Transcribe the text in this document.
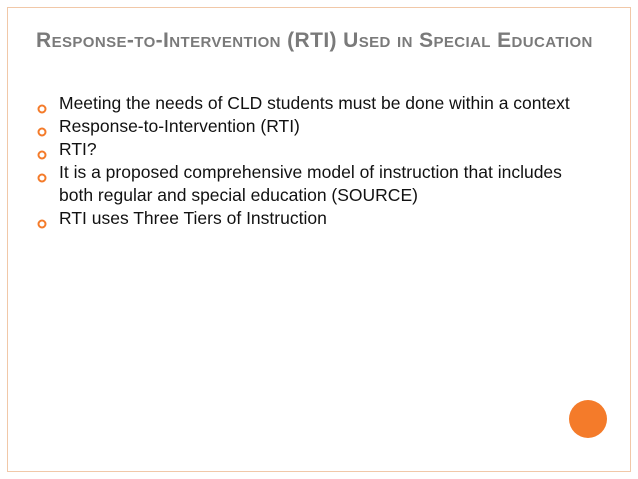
Response-to-Intervention (RTI) Used in Special Education
Meeting the needs of CLD students must be done within a context
Response-to-Intervention (RTI)
RTI?
It is a proposed comprehensive model of instruction that includes both regular and special education (SOURCE)
RTI uses Three Tiers of Instruction
